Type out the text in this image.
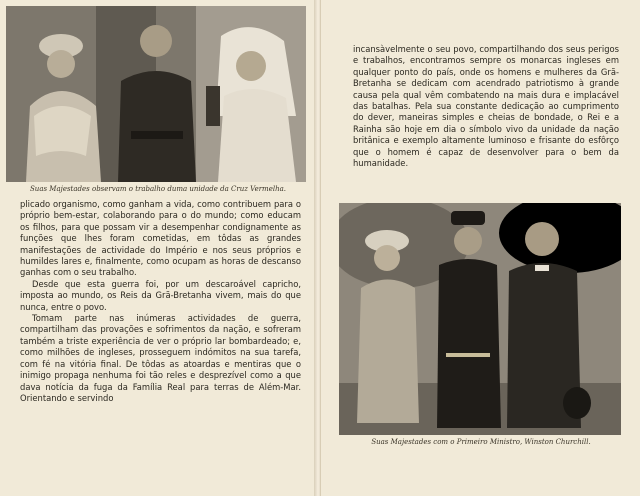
Suas Majestades observam o trabalho duma unidade da Cruz Vermelha.

plicado organismo, como ganham a vida, como contribuem para o próprio bem-estar, colaborando para o do mundo; como educam os filhos, para que possam vir a desempenhar condignamente as funções que lhes foram cometidas, em tôdas as grandes manifestações de actividade do Império e nos seus próprios e humildes lares e, finalmente, como ocupam as horas de descanso ganhas com o seu trabalho.

Desde que esta guerra foi, por um descaroável capricho, imposta ao mundo, os Reis da Grã-Bretanha vivem, mais do que nunca, entre o povo.

Tomam parte nas inúmeras actividades de guerra, compartilham das provações e sofrimentos da nação, e sofreram também a triste experiência de ver o próprio lar bombardeado; e, como milhões de ingleses, prosseguem indómitos na sua tarefa, com fé na vitória final. De tôdas as atoardas e mentiras que o inimigo propaga nenhuma foi tão reles e desprezível como a que dava notícia da fuga da Família Real para terras de Além-Mar. Orientando e servindo

incansàvelmente o seu povo, compartilhando dos seus perigos e trabalhos, encontramos sempre os monarcas ingleses em qualquer ponto do país, onde os homens e mulheres da Grã-Bretanha se dedicam com acendrado patriotismo à grande causa pela qual vêm combatendo na mais dura e implacável das batalhas. Pela sua constante dedicação ao cumprimento do dever, maneiras simples e cheias de bondade, o Rei e a Rainha são hoje em dia o símbolo vivo da unidade da nação britânica e exemplo altamente luminoso e frisante do esfôrço que o homem é capaz de desenvolver para o bem da humanidade.

Suas Majestades com o Primeiro Ministro, Winston Churchill.
